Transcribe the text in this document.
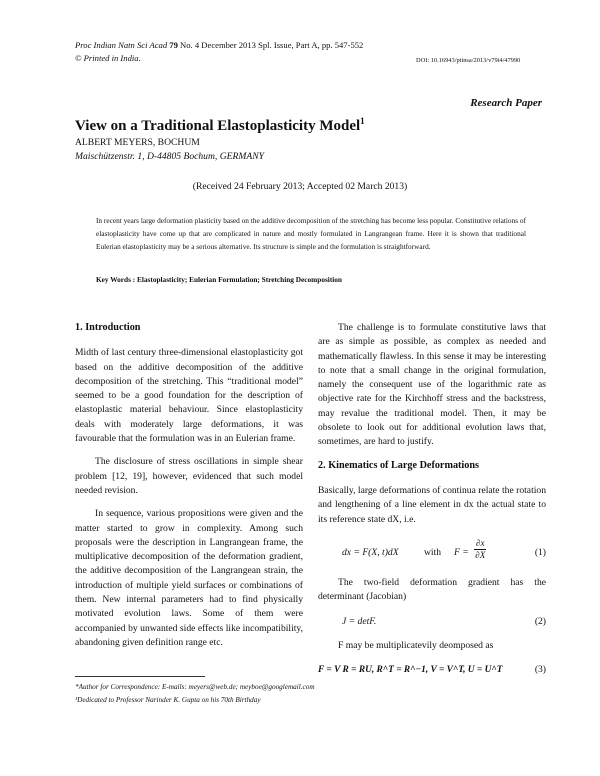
Proc Indian Natn Sci Acad 79 No. 4 December 2013 Spl. Issue, Part A, pp. 547-552
© Printed in India.	DOI: 10.16943/ptinsa/2013/v79i4/47990
Research Paper
View on a Traditional Elastoplasticity Model$^1$
ALBERT MEYERS, BOCHUM
Maischützenstr. 1, D-44805 Bochum, GERMANY
(Received 24 February 2013; Accepted 02 March 2013)
In recent years large deformation plasticity based on the additive decomposition of the stretching has become less popular. Constitutive relations of elastoplasticity have come up that are complicated in nature and mostly formulated in Langrangean frame. Here it is shown that traditional Eulerian elastoplasticity may be a serious alternative. Its structure is simple and the formulation is straightforward.
Key Words : Elastoplasticity; Eulerian Formulation; Stretching Decomposition
1. Introduction

Midth of last century three-dimensional elastoplasticity got based on the additive decomposition of the additive decomposition of the stretching. This “traditional model” seemed to be a good foundation for the description of elastoplastic material behaviour. Since elastoplasticity deals with moderately large deformations, it was favourable that the formulation was in an Eulerian frame.

The disclosure of stress oscillations in simple shear problem [12, 19], however, evidenced that such model needed revision.

In sequence, various propositions were given and the matter started to grow in complexity. Among such proposals were the description in Langrangean frame, the multiplicative decomposition of the deformation gradient, the additive decomposition of the Langrangean strain, the introduction of multiple yield surfaces or combinations of them. New internal parameters had to find physically motivated evolution laws. Some of them were accompanied by unwanted side effects like incompatibility, abandoning given definition range etc.

The challenge is to formulate constitutive laws that are as simple as possible, as complex as needed and mathematically flawless. In this sense it may be interesting to note that a small change in the original formulation, namely the consequent use of the logarithmic rate as objective rate for the Kirchhoff stress and the backstress, may revalue the traditional model. Then, it may be obsolete to look out for additional evolution laws that, sometimes, are hard to justify.

2. Kinematics of Large Deformations

Basically, large deformations of continua relate the rotation and lengthening of a line element in dx the actual state to its reference state dX, i.e.

dx = F(X, t)dX	with $F = \frac{\partial x}{\partial X}$	(1)

The two-field deformation gradient has the determinant (Jacobian)

J = detF.	(2)

F may be multiplicatevily deomposed as

F = V R = RU, R^T = R^−1, V = V^T, U = U^T	(3)
*Author for Correspondence: E-mails: meyers@web.de; meyboe@googlemail.com
¹Dedicated to Professor Narinder K. Gupta on his 70th Birthday
